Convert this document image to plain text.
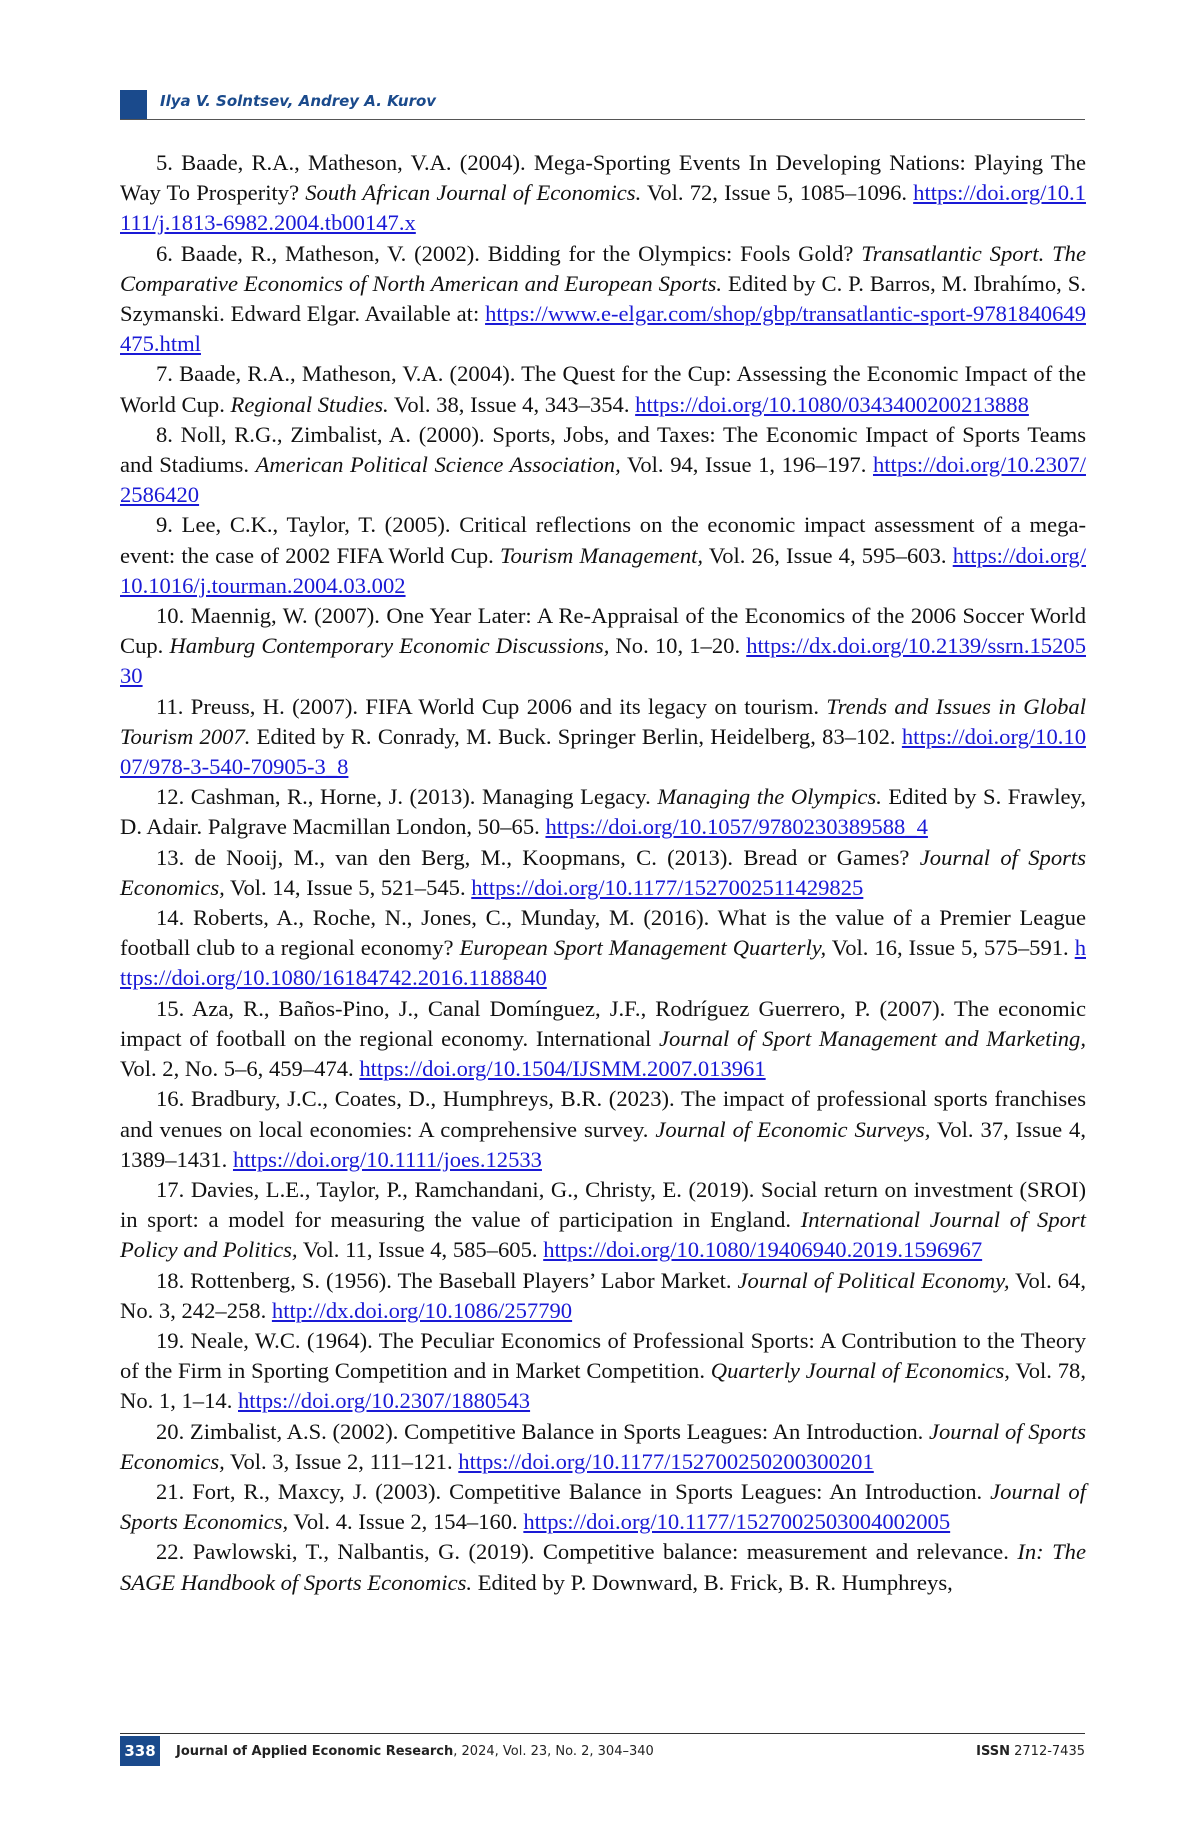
Ilya V. Solntsev, Andrey A. Kurov

5. Baade, R.A., Matheson, V.A. (2004). Mega-Sporting Events In Developing Nations: Playing The Way To Prosperity? South African Journal of Economics. Vol. 72, Issue 5, 1085–1096. https://doi.org/10.1111/j.1813-6982.2004.tb00147.x

6. Baade, R., Matheson, V. (2002). Bidding for the Olympics: Fools Gold? Transatlantic Sport. The Comparative Economics of North American and European Sports. Edited by C. P. Barros, M. Ibrahímo, S. Szymanski. Edward Elgar. Available at: https://www.e-elgar.com/shop/gbp/transatlantic-sport-9781840649475.html

7. Baade, R.A., Matheson, V.A. (2004). The Quest for the Cup: Assessing the Economic Impact of the World Cup. Regional Studies. Vol. 38, Issue 4, 343–354. https://doi.org/10.1080/0343400200213888

8. Noll, R.G., Zimbalist, A. (2000). Sports, Jobs, and Taxes: The Economic Impact of Sports Teams and Stadiums. American Political Science Association, Vol. 94, Issue 1, 196–197. https://doi.org/10.2307/2586420

9. Lee, C.K., Taylor, T. (2005). Critical reflections on the economic impact assessment of a mega-event: the case of 2002 FIFA World Cup. Tourism Management, Vol. 26, Issue 4, 595–603. https://doi.org/10.1016/j.tourman.2004.03.002

10. Maennig, W. (2007). One Year Later: A Re-Appraisal of the Economics of the 2006 Soccer World Cup. Hamburg Contemporary Economic Discussions, No. 10, 1–20. https://dx.doi.org/10.2139/ssrn.1520530

11. Preuss, H. (2007). FIFA World Cup 2006 and its legacy on tourism. Trends and Issues in Global Tourism 2007. Edited by R. Conrady, M. Buck. Springer Berlin, Heidelberg, 83–102. https://doi.org/10.1007/978-3-540-70905-3_8

12. Cashman, R., Horne, J. (2013). Managing Legacy. Managing the Olympics. Edited by S. Frawley, D. Adair. Palgrave Macmillan London, 50–65. https://doi.org/10.1057/9780230389588_4

13. de Nooij, M., van den Berg, M., Koopmans, C. (2013). Bread or Games? Journal of Sports Economics, Vol. 14, Issue 5, 521–545. https://doi.org/10.1177/1527002511429825

14. Roberts, A., Roche, N., Jones, C., Munday, M. (2016). What is the value of a Premier League football club to a regional economy? European Sport Management Quarterly, Vol. 16, Issue 5, 575–591. https://doi.org/10.1080/16184742.2016.1188840

15. Aza, R., Baños-Pino, J., Canal Domínguez, J.F., Rodríguez Guerrero, P. (2007). The economic impact of football on the regional economy. International Journal of Sport Management and Marketing, Vol. 2, No. 5–6, 459–474. https://doi.org/10.1504/IJSMM.2007.013961

16. Bradbury, J.C., Coates, D., Humphreys, B.R. (2023). The impact of professional sports franchises and venues on local economies: A comprehensive survey. Journal of Economic Surveys, Vol. 37, Issue 4, 1389–1431. https://doi.org/10.1111/joes.12533

17. Davies, L.E., Taylor, P., Ramchandani, G., Christy, E. (2019). Social return on investment (SROI) in sport: a model for measuring the value of participation in England. International Journal of Sport Policy and Politics, Vol. 11, Issue 4, 585–605. https://doi.org/10.1080/19406940.2019.1596967

18. Rottenberg, S. (1956). The Baseball Players’ Labor Market. Journal of Political Economy, Vol. 64, No. 3, 242–258. http://dx.doi.org/10.1086/257790

19. Neale, W.C. (1964). The Peculiar Economics of Professional Sports: A Contribution to the Theory of the Firm in Sporting Competition and in Market Competition. Quarterly Journal of Economics, Vol. 78, No. 1, 1–14. https://doi.org/10.2307/1880543

20. Zimbalist, A.S. (2002). Competitive Balance in Sports Leagues: An Introduction. Journal of Sports Economics, Vol. 3, Issue 2, 111–121. https://doi.org/10.1177/152700250200300201

21. Fort, R., Maxcy, J. (2003). Competitive Balance in Sports Leagues: An Introduction. Journal of Sports Economics, Vol. 4. Issue 2, 154–160. https://doi.org/10.1177/1527002503004002005

22. Pawlowski, T., Nalbantis, G. (2019). Competitive balance: measurement and relevance. In: The SAGE Handbook of Sports Economics. Edited by P. Downward, B. Frick, B. R. Humphreys,

338	Journal of Applied Economic Research, 2024, Vol. 23, No. 2, 304–340	ISSN 2712-7435
